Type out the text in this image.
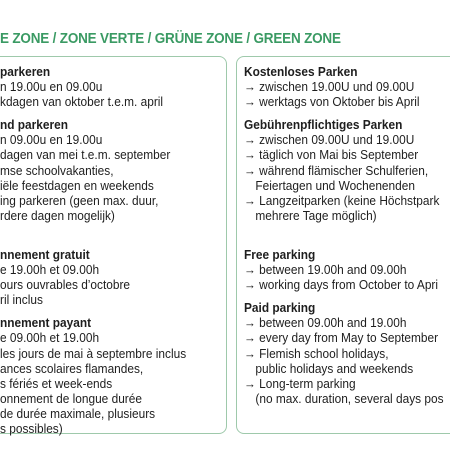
E ZONE / ZONE VERTE / GRÜNE ZONE / GREEN ZONE
parkeren
n 19.00u en 09.00u
kdagen van oktober t.e.m. april
nd parkeren
n 09.00u en 19.00u
dagen van mei t.e.m. september
mse schoolvakanties,
iële feestdagen en weekends
ing parkeren (geen max. duur,
rdere dagen mogelijk)
nnement gratuit
e 19.00h et 09.00h
ours ouvrables d’octobre
ril inclus
nnement payant
e 09.00h et 19.00h
les jours de mai à septembre inclus
ances scolaires flamandes,
s fériés et week-ends
onnement de longue durée
de durée maximale, plusieurs
s possibles)
Kostenloses Parken
→ zwischen 19.00U und 09.00U
→ werktags von Oktober bis April
Gebührenpflichtiges Parken
→ zwischen 09.00U und 19.00U
→ täglich von Mai bis September
→ während flämischer Schulferien,
Feiertagen und Wochenenden
→ Langzeitparken (keine Höchstpark
mehrere Tage möglich)
Free parking
→ between 19.00h and 09.00h
→ working days from October to Apri
Paid parking
→ between 09.00h and 19.00h
→ every day from May to September
→ Flemish school holidays,
public holidays and weekends
→ Long-term parking
(no max. duration, several days pos
